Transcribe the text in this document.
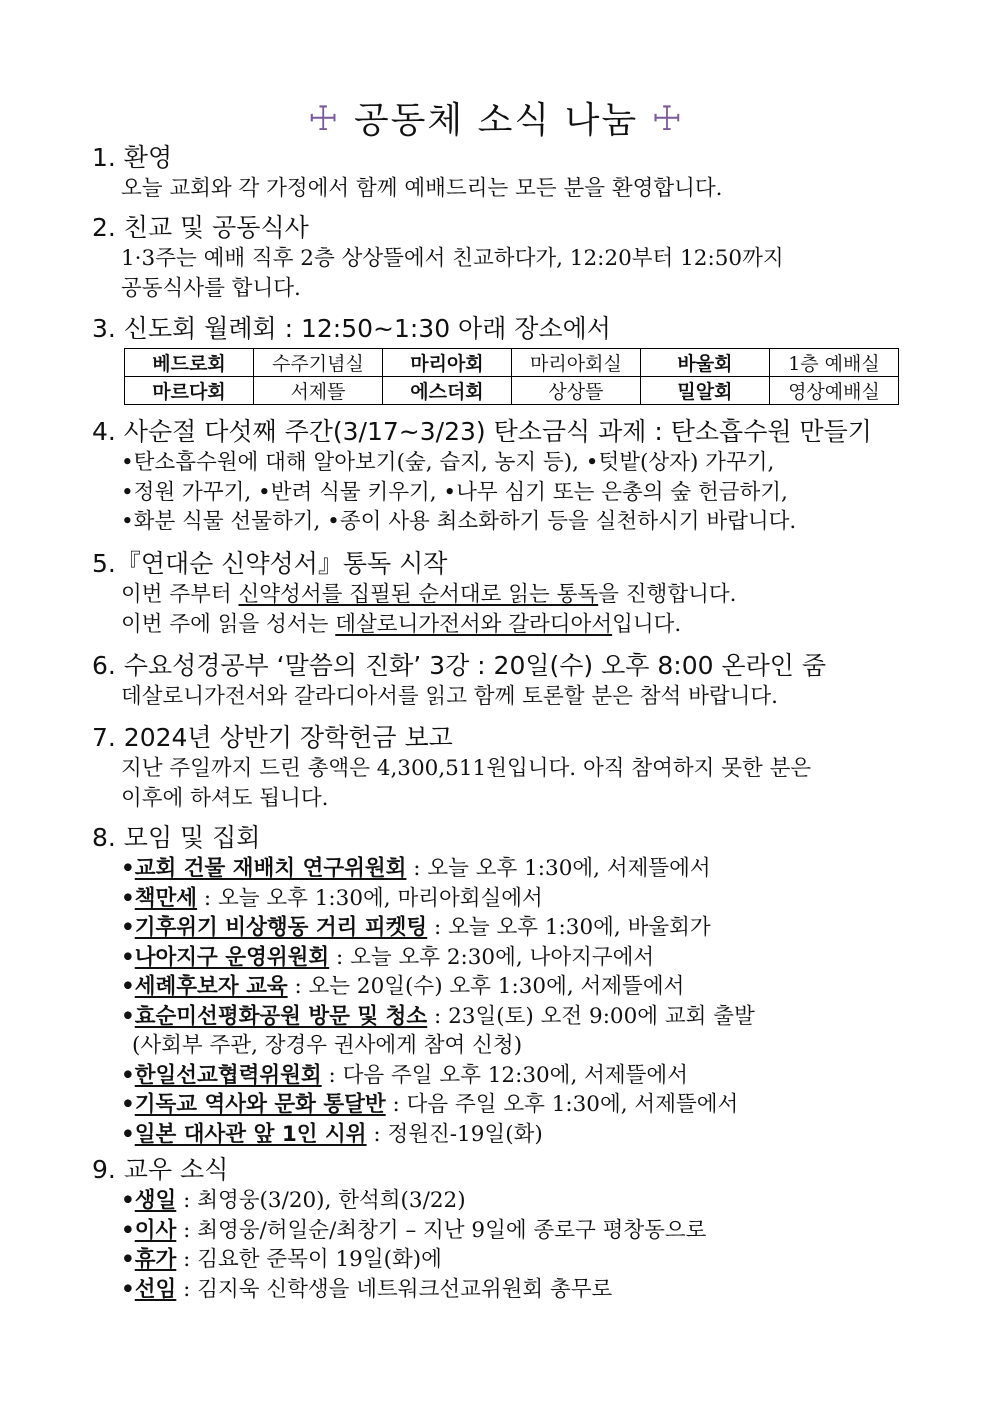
☩ 공동체 소식 나눔 ☩
1. 환영
오늘 교회와 각 가정에서 함께 예배드리는 모든 분을 환영합니다.
2. 친교 및 공동식사
1·3주는 예배 직후 2층 상상뜰에서 친교하다가, 12:20부터 12:50까지
공동식사를 합니다.
3. 신도회 월례회 : 12:50~1:30 아래 장소에서
베드로회	수주기념실	마리아회	마리아회실	바울회	1층 예배실
마르다회	서제뜰	에스더회	상상뜰	밀알회	영상예배실
4. 사순절 다섯째 주간(3/17~3/23) 탄소금식 과제 : 탄소흡수원 만들기
•탄소흡수원에 대해 알아보기(숲, 습지, 농지 등), •텃밭(상자) 가꾸기,
•정원 가꾸기, •반려 식물 키우기, •나무 심기 또는 은총의 숲 헌금하기,
•화분 식물 선물하기, •종이 사용 최소화하기 등을 실천하시기 바랍니다.
5.『연대순 신약성서』통독 시작
이번 주부터 신약성서를 집필된 순서대로 읽는 통독을 진행합니다.
이번 주에 읽을 성서는 데살로니가전서와 갈라디아서입니다.
6. 수요성경공부 ‘말씀의 진화’ 3강 : 20일(수) 오후 8:00 온라인 줌
데살로니가전서와 갈라디아서를 읽고 함께 토론할 분은 참석 바랍니다.
7. 2024년 상반기 장학헌금 보고
지난 주일까지 드린 총액은 4,300,511원입니다. 아직 참여하지 못한 분은
이후에 하셔도 됩니다.
8. 모임 및 집회
•교회 건물 재배치 연구위원회 : 오늘 오후 1:30에, 서제뜰에서
•책만세 : 오늘 오후 1:30에, 마리아회실에서
•기후위기 비상행동 거리 피켓팅 : 오늘 오후 1:30에, 바울회가
•나아지구 운영위원회 : 오늘 오후 2:30에, 나아지구에서
•세례후보자 교육 : 오는 20일(수) 오후 1:30에, 서제뜰에서
•효순미선평화공원 방문 및 청소 : 23일(토) 오전 9:00에 교회 출발
(사회부 주관, 장경우 권사에게 참여 신청)
•한일선교협력위원회 : 다음 주일 오후 12:30에, 서제뜰에서
•기독교 역사와 문화 통달반 : 다음 주일 오후 1:30에, 서제뜰에서
•일본 대사관 앞 1인 시위 : 정원진-19일(화)
9. 교우 소식
•생일 : 최영웅(3/20), 한석희(3/22)
•이사 : 최영웅/허일순/최창기 – 지난 9일에 종로구 평창동으로
•휴가 : 김요한 준목이 19일(화)에
•선임 : 김지욱 신학생을 네트워크선교위원회 총무로
